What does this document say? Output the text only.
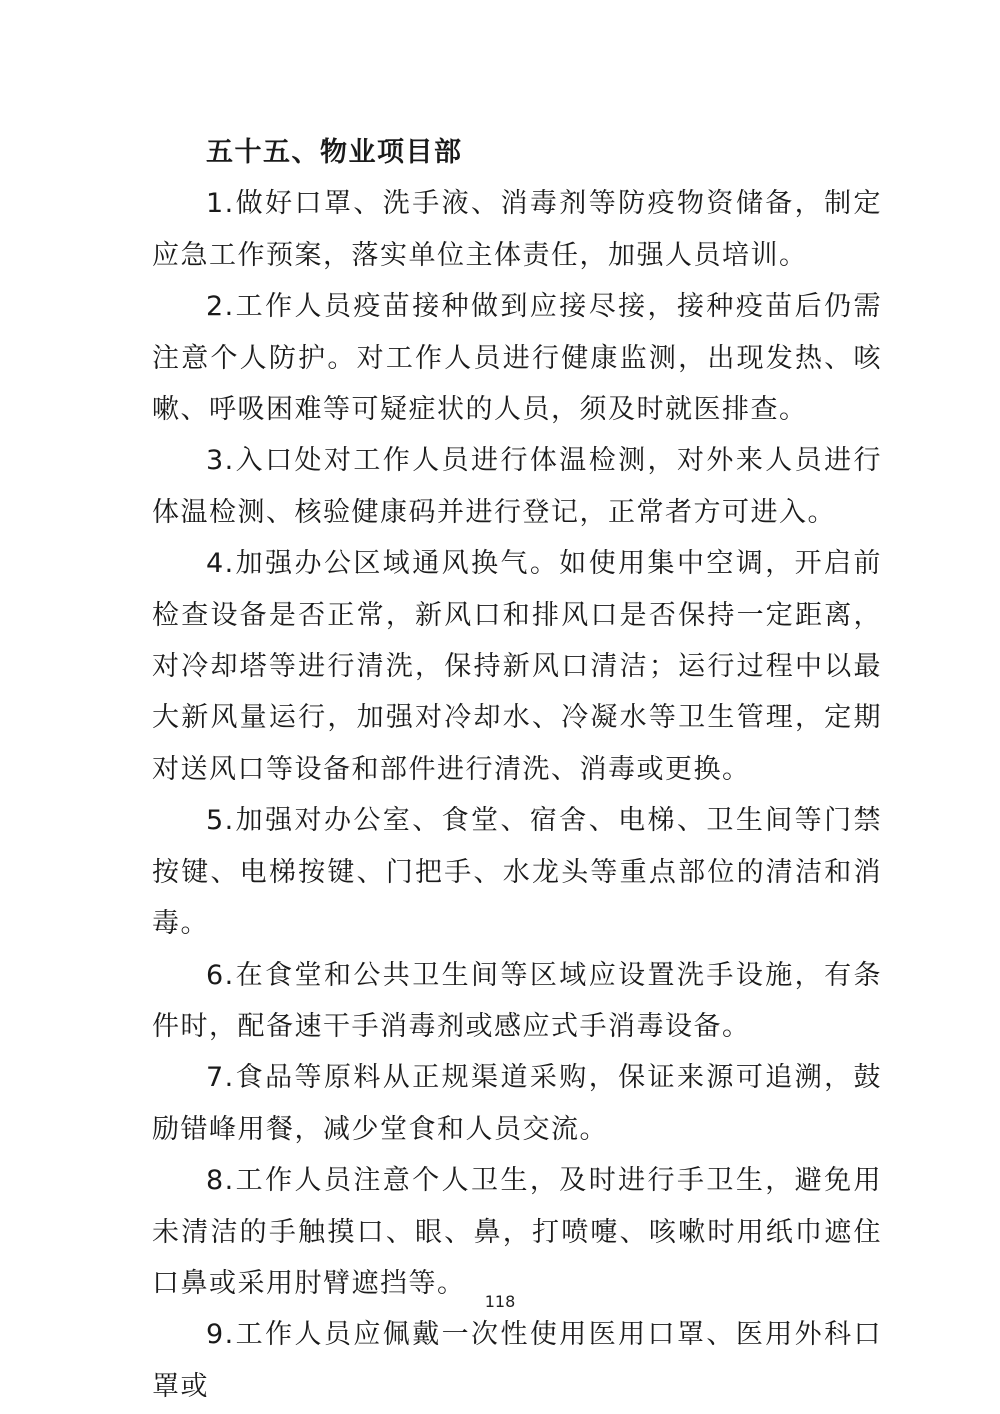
五十五、物业项目部

1.做好口罩、洗手液、消毒剂等防疫物资储备，制定应急工作预案，落实单位主体责任，加强人员培训。

2.工作人员疫苗接种做到应接尽接，接种疫苗后仍需注意个人防护。对工作人员进行健康监测，出现发热、咳嗽、呼吸困难等可疑症状的人员，须及时就医排查。

3.入口处对工作人员进行体温检测，对外来人员进行体温检测、核验健康码并进行登记，正常者方可进入。

4.加强办公区域通风换气。如使用集中空调，开启前检查设备是否正常，新风口和排风口是否保持一定距离，对冷却塔等进行清洗，保持新风口清洁；运行过程中以最大新风量运行，加强对冷却水、冷凝水等卫生管理，定期对送风口等设备和部件进行清洗、消毒或更换。

5.加强对办公室、食堂、宿舍、电梯、卫生间等门禁按键、电梯按键、门把手、水龙头等重点部位的清洁和消毒。

6.在食堂和公共卫生间等区域应设置洗手设施，有条件时，配备速干手消毒剂或感应式手消毒设备。

7.食品等原料从正规渠道采购，保证来源可追溯，鼓励错峰用餐，减少堂食和人员交流。

8.工作人员注意个人卫生，及时进行手卫生，避免用未清洁的手触摸口、眼、鼻，打喷嚏、咳嗽时用纸巾遮住口鼻或采用肘臂遮挡等。

9.工作人员应佩戴一次性使用医用口罩、医用外科口罩或

118
